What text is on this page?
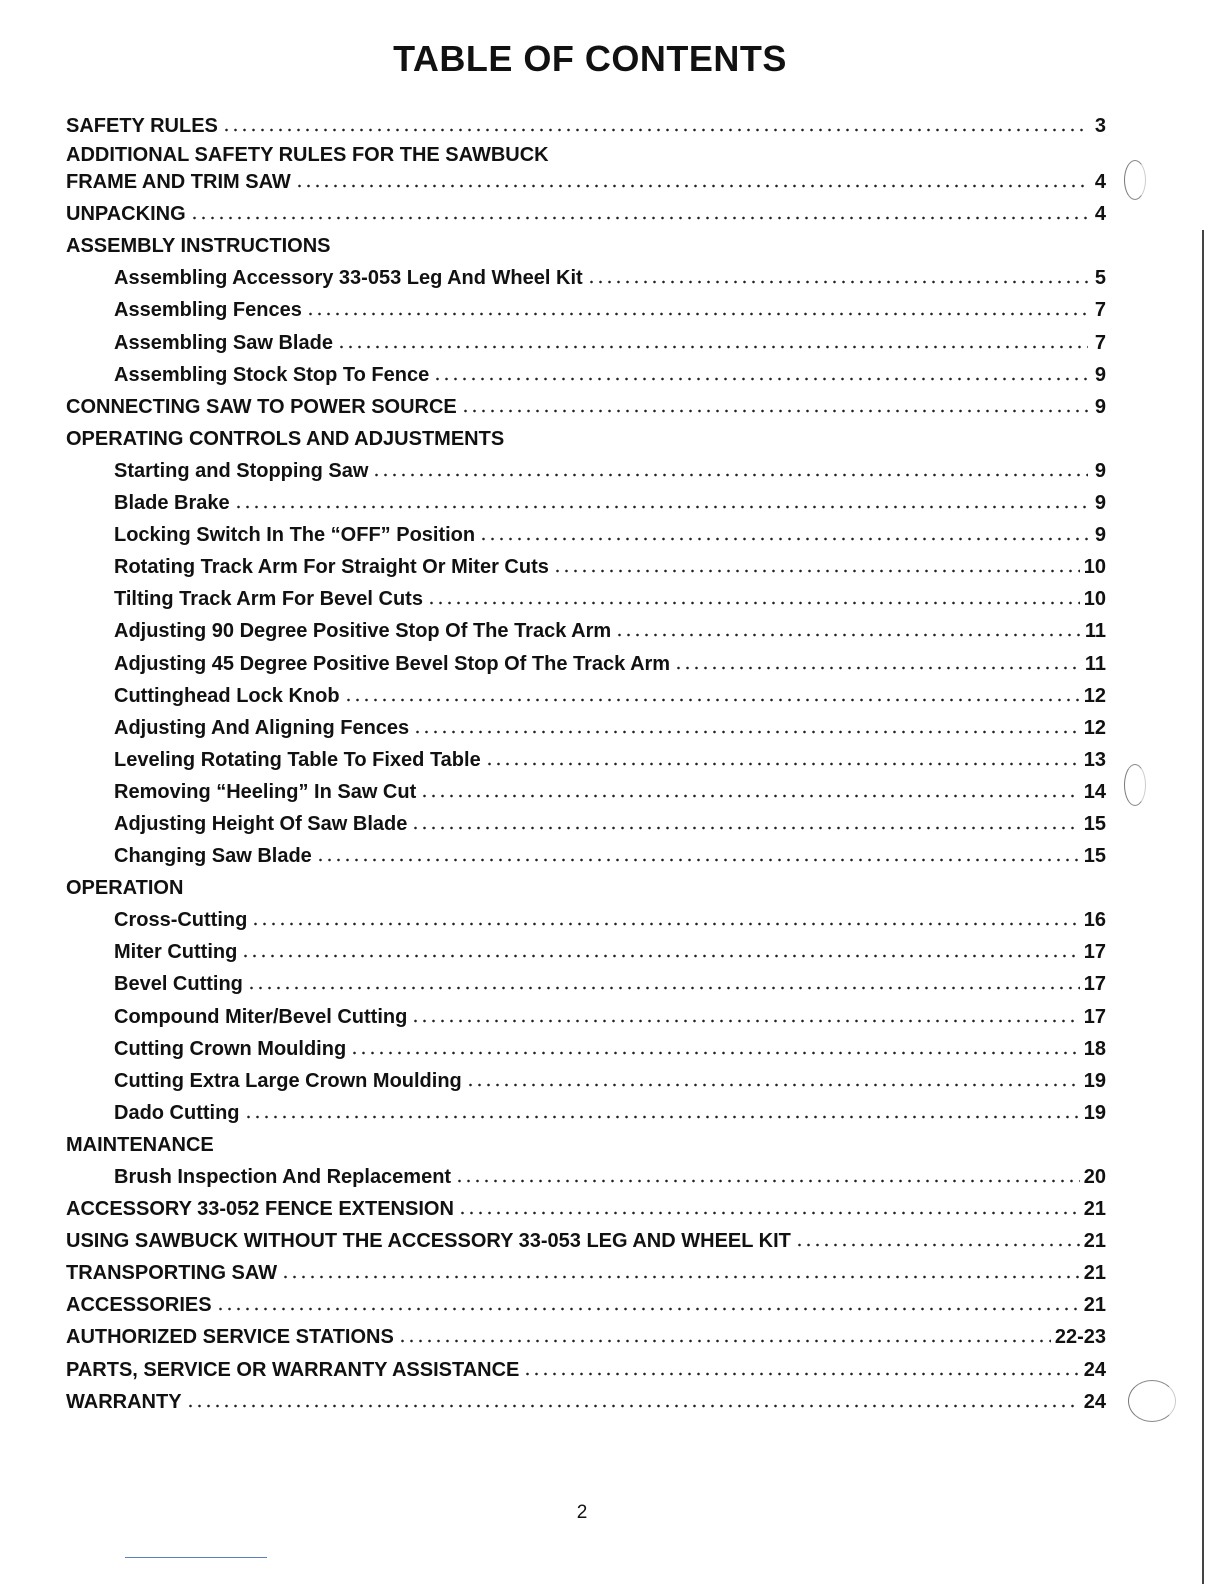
TABLE OF CONTENTS
SAFETY RULES	3
ADDITIONAL SAFETY RULES FOR THE SAWBUCK
FRAME AND TRIM SAW	4
UNPACKING	4
ASSEMBLY INSTRUCTIONS
Assembling Accessory 33-053 Leg And Wheel Kit	5
Assembling Fences	7
Assembling Saw Blade	7
Assembling Stock Stop To Fence	9
CONNECTING SAW TO POWER SOURCE	9
OPERATING CONTROLS AND ADJUSTMENTS
Starting and Stopping Saw	9
Blade Brake	9
Locking Switch In The “OFF” Position	9
Rotating Track Arm For Straight Or Miter Cuts	10
Tilting Track Arm For Bevel Cuts	10
Adjusting 90 Degree Positive Stop Of The Track Arm	11
Adjusting 45 Degree Positive Bevel Stop Of The Track Arm	11
Cuttinghead Lock Knob	12
Adjusting And Aligning Fences	12
Leveling Rotating Table To Fixed Table	13
Removing “Heeling” In Saw Cut	14
Adjusting Height Of Saw Blade	15
Changing Saw Blade	15
OPERATION
Cross-Cutting	16
Miter Cutting	17
Bevel Cutting	17
Compound Miter/Bevel Cutting	17
Cutting Crown Moulding	18
Cutting Extra Large Crown Moulding	19
Dado Cutting	19
MAINTENANCE
Brush Inspection And Replacement	20
ACCESSORY 33-052 FENCE EXTENSION	21
USING SAWBUCK WITHOUT THE ACCESSORY 33-053 LEG AND WHEEL KIT	21
TRANSPORTING SAW	21
ACCESSORIES	21
AUTHORIZED SERVICE STATIONS	22-23
PARTS, SERVICE OR WARRANTY ASSISTANCE	24
WARRANTY	24
2
